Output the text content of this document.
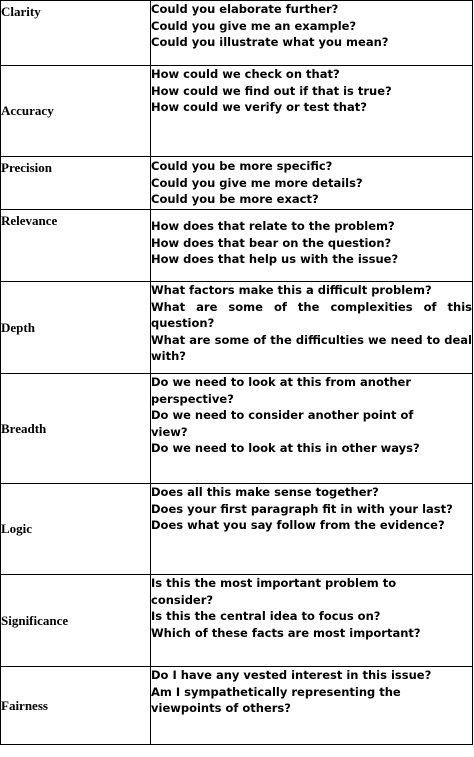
Clarity	Could you elaborate further?
Could you give me an example?
Could you illustrate what you mean?

Accuracy	How could we check on that?
How could we find out if that is true?
How could we verify or test that?

Precision	Could you be more specific?
Could you give me more details?
Could you be more exact?

Relevance	How does that relate to the problem?
How does that bear on the question?
How does that help us with the issue?

Depth	What factors make this a difficult problem?
What are some of the complexities of this question?
What are some of the difficulties we need to deal with?

Breadth	Do we need to look at this from another perspective?
Do we need to consider another point of view?
Do we need to look at this in other ways?

Logic	Does all this make sense together?
Does your first paragraph fit in with your last?
Does what you say follow from the evidence?

Significance	Is this the most important problem to consider?
Is this the central idea to focus on?
Which of these facts are most important?

Fairness	Do I have any vested interest in this issue?
Am I sympathetically representing the viewpoints of others?
